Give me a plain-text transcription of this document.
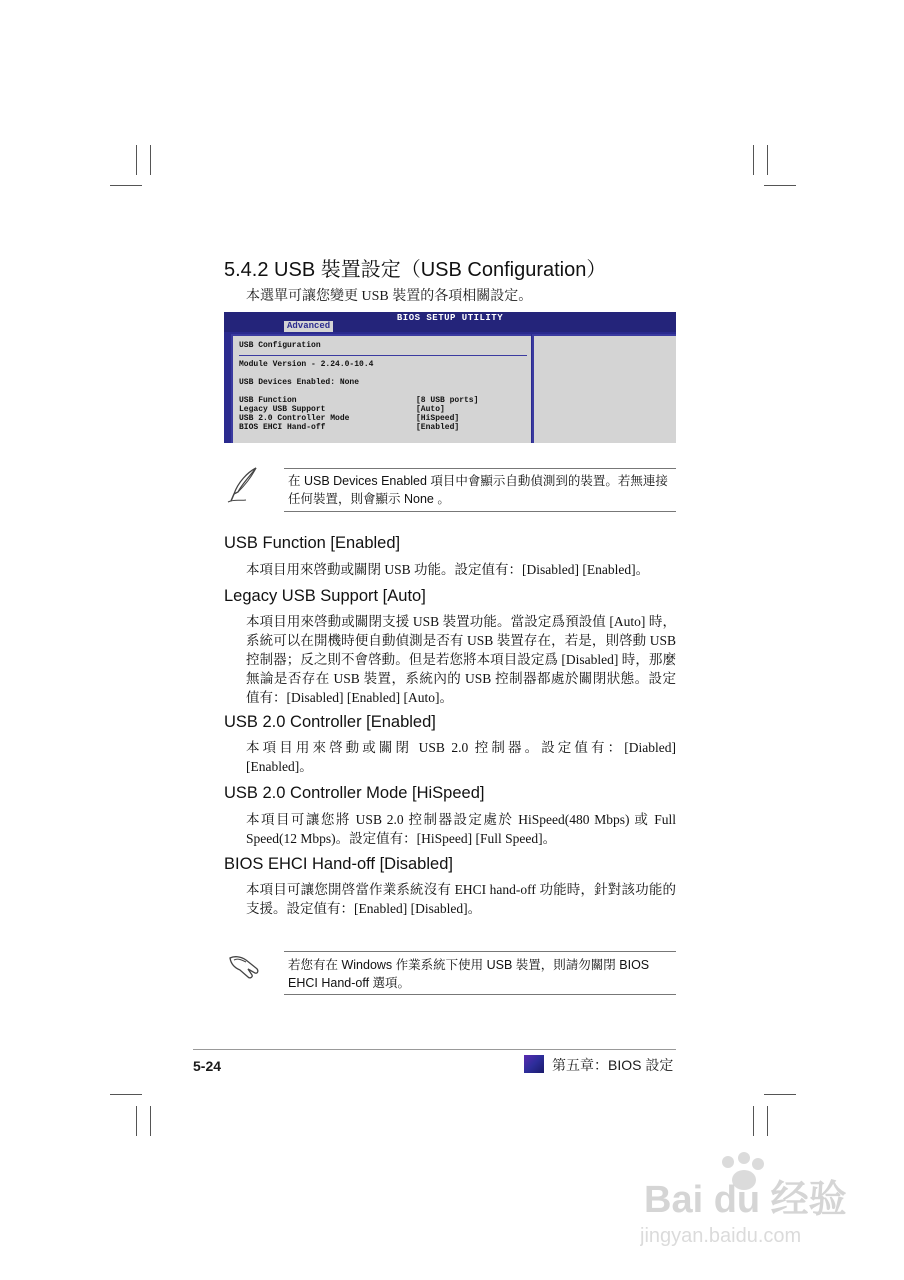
5.4.2 USB 裝置設定（USB Configuration）
本選單可讓您變更 USB 裝置的各項相關設定。
BIOS SETUP UTILITY
Advanced
USB Configuration
Module Version - 2.24.0-10.4
USB Devices Enabled: None
USB Function	[8 USB ports]
Legacy USB Support	[Auto]
USB 2.0 Controller Mode	[HiSpeed]
BIOS EHCI Hand-off	[Enabled]
在 USB Devices Enabled 項目中會顯示自動偵測到的裝置。若無連接任何裝置，則會顯示 None 。
USB Function [Enabled]
本項目用來啓動或關閉 USB 功能。設定值有：[Disabled] [Enabled]。
Legacy USB Support [Auto]
本項目用來啓動或關閉支援 USB 裝置功能。當設定爲預設值 [Auto] 時，系統可以在開機時便自動偵測是否有 USB 裝置存在，若是，則啓動 USB 控制器；反之則不會啓動。但是若您將本項目設定爲 [Disabled] 時，那麼無論是否存在 USB 裝置，系統內的 USB 控制器都處於關閉狀態。設定值有：[Disabled] [Enabled] [Auto]。
USB 2.0 Controller [Enabled]
本項目用來啓動或關閉 USB 2.0 控制器。設定值有：[Diabled] [Enabled]。
USB 2.0 Controller Mode [HiSpeed]
本項目可讓您將 USB 2.0 控制器設定處於 HiSpeed(480 Mbps) 或 Full Speed(12 Mbps)。設定值有：[HiSpeed] [Full Speed]。
BIOS EHCI Hand-off [Disabled]
本項目可讓您開啓當作業系統沒有 EHCI hand-off 功能時，針對該功能的支援。設定值有：[Enabled] [Disabled]。
若您有在 Windows 作業系統下使用 USB 裝置，則請勿關閉 BIOS EHCI Hand-off 選項。
5-24	第五章：BIOS 設定
Bai du 经验
jingyan.baidu.com
